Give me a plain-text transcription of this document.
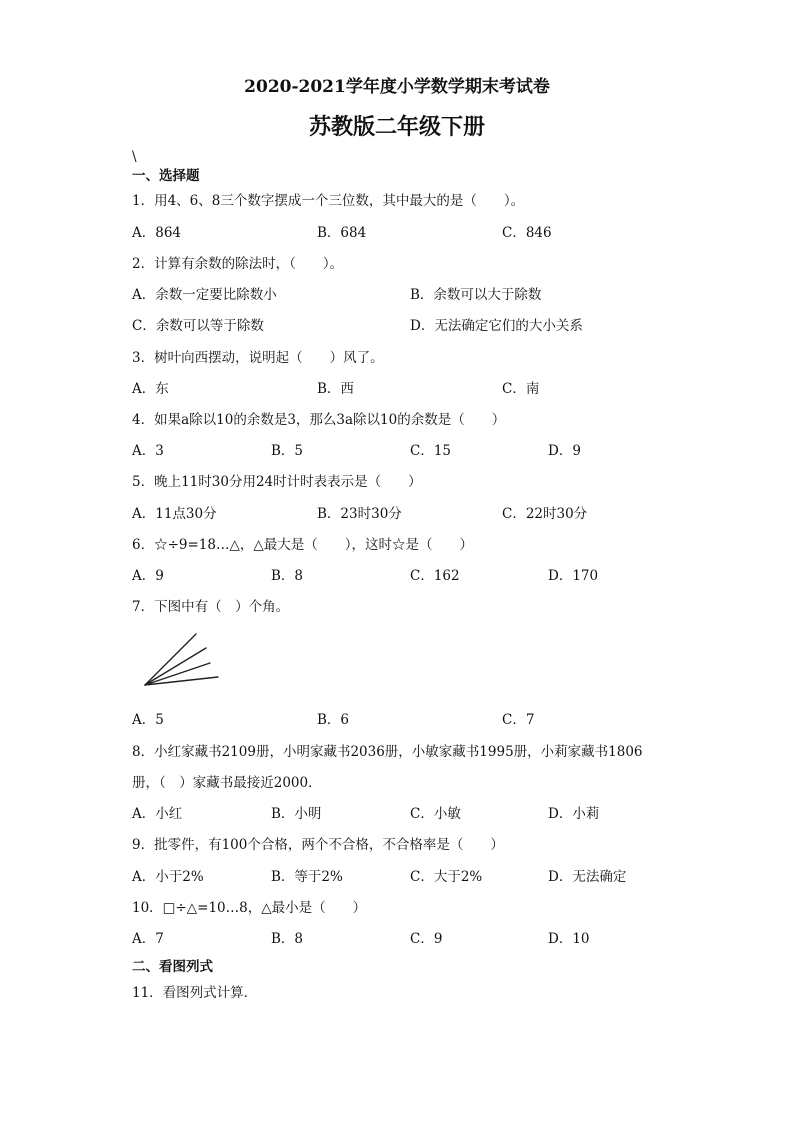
2020-2021学年度小学数学期末考试卷
苏教版二年级下册
\
一、选择题
1．用4、6、8三个数字摆成一个三位数，其中最大的是（　　）。
A．864	B．684	C．846
2．计算有余数的除法时，（　　）。
A．余数一定要比除数小	B．余数可以大于除数
C．余数可以等于除数	D．无法确定它们的大小关系
3．树叶向西摆动，说明起（　　）风了。
A．东	B．西	C．南
4．如果a除以10的余数是3，那么3a除以10的余数是（　　）
A．3	B．5	C．15	D．9
5．晚上11时30分用24时计时表表示是（　　）
A．11点30分	B．23时30分	C．22时30分
6．☆÷9=18…△，△最大是（　　），这时☆是（　　）
A．9	B．8	C．162	D．170
7．下图中有（　）个角。
A．5	B．6	C．7
8．小红家藏书2109册，小明家藏书2036册，小敏家藏书1995册，小莉家藏书1806
册，（　）家藏书最接近2000．
A．小红	B．小明	C．小敏	D．小莉
9．批零件，有100个合格，两个不合格，不合格率是（　　）
A．小于2%	B．等于2%	C．大于2%	D．无法确定
10．□÷△=10…8，△最小是（　　）
A．7	B．8	C．9	D．10
二、看图列式
11．看图列式计算．
